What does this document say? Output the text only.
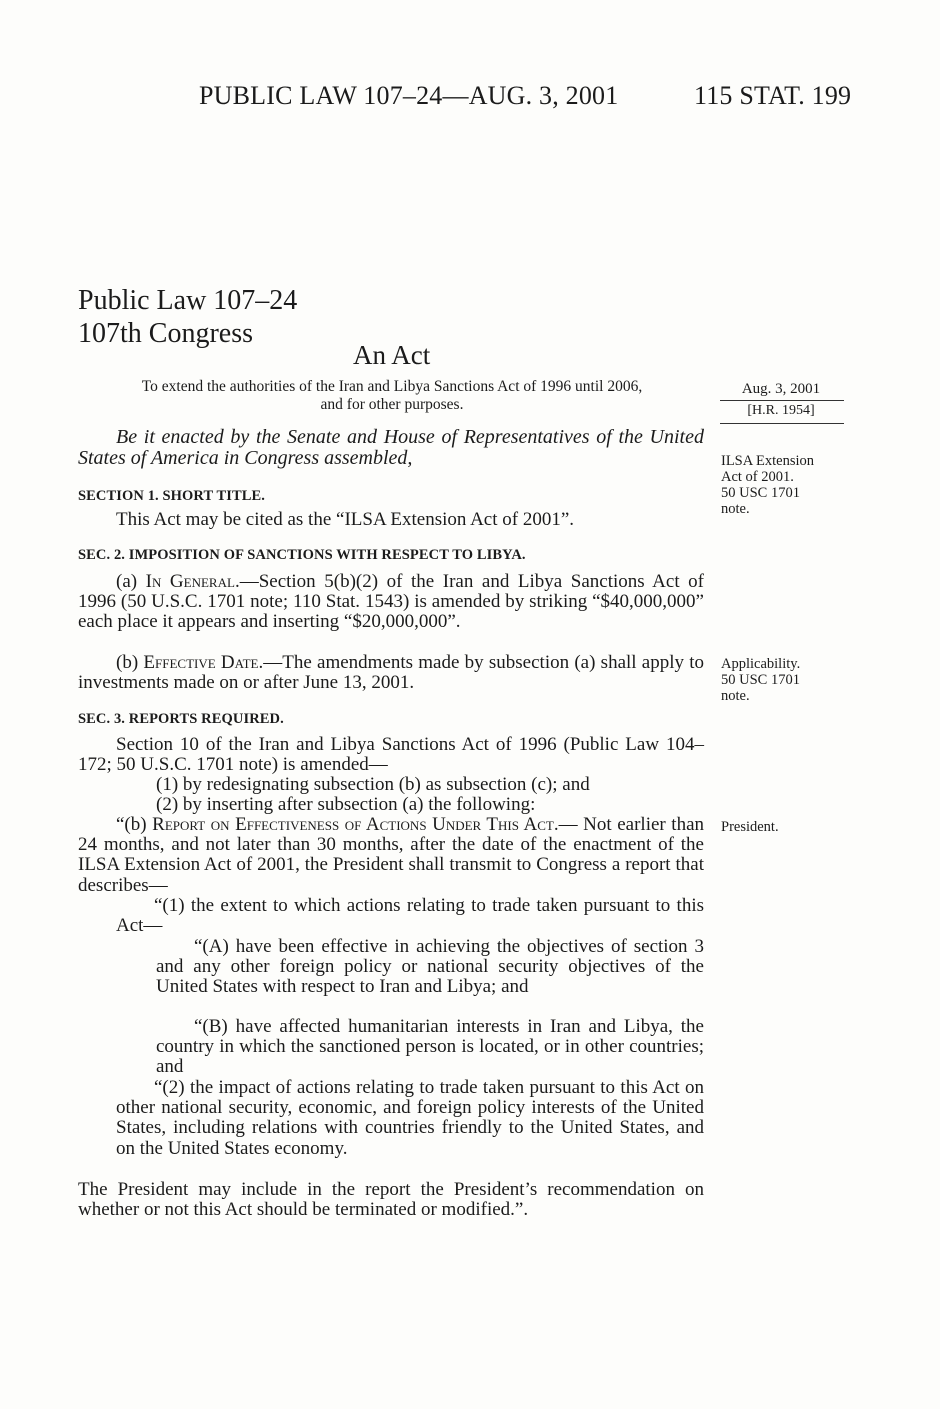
PUBLIC LAW 107–24—AUG. 3, 2001	115 STAT. 199

Public Law 107–24
107th Congress

An Act

To extend the authorities of the Iran and Libya Sanctions Act of 1996 until 2006,
and for other purposes.
Aug. 3, 2001
[H.R. 1954]
ILSA Extension
Act of 2001.
50 USC 1701
note.
Applicability.
50 USC 1701
note.
President.

Be it enacted by the Senate and House of Representatives of the United States of America in Congress assembled,

SECTION 1. SHORT TITLE.

This Act may be cited as the “ILSA Extension Act of 2001”.

SEC. 2. IMPOSITION OF SANCTIONS WITH RESPECT TO LIBYA.

(a) In General.—Section 5(b)(2) of the Iran and Libya Sanctions Act of 1996 (50 U.S.C. 1701 note; 110 Stat. 1543) is amended by striking “$40,000,000” each place it appears and inserting “$20,000,000”.

(b) Effective Date.—The amendments made by subsection (a) shall apply to investments made on or after June 13, 2001.

SEC. 3. REPORTS REQUIRED.

Section 10 of the Iran and Libya Sanctions Act of 1996 (Public Law 104–172; 50 U.S.C. 1701 note) is amended—

(1) by redesignating subsection (b) as subsection (c); and

(2) by inserting after subsection (a) the following:

“(b) Report on Effectiveness of Actions Under This Act.— Not earlier than 24 months, and not later than 30 months, after the date of the enactment of the ILSA Extension Act of 2001, the President shall transmit to Congress a report that describes—

“(1) the extent to which actions relating to trade taken pursuant to this Act—

“(A) have been effective in achieving the objectives of section 3 and any other foreign policy or national security objectives of the United States with respect to Iran and Libya; and

“(B) have affected humanitarian interests in Iran and Libya, the country in which the sanctioned person is located, or in other countries; and

“(2) the impact of actions relating to trade taken pursuant to this Act on other national security, economic, and foreign policy interests of the United States, including relations with countries friendly to the United States, and on the United States economy.

The President may include in the report the President’s recommendation on whether or not this Act should be terminated or modified.”.
